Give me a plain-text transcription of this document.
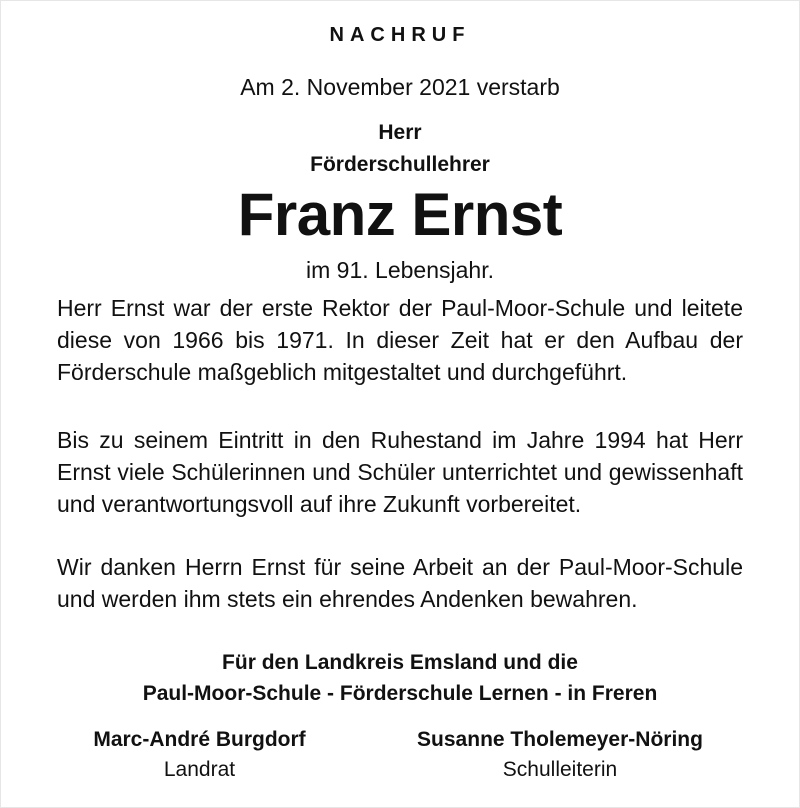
NACHRUF
Am 2. November 2021 verstarb
Herr
Förderschullehrer
Franz Ernst
im 91. Lebensjahr.
Herr Ernst war der erste Rektor der Paul-Moor-Schule und leitete diese von 1966 bis 1971. In dieser Zeit hat er den Aufbau der Förderschule maßgeblich mitgestaltet und durchgeführt.
Bis zu seinem Eintritt in den Ruhestand im Jahre 1994 hat Herr Ernst viele Schülerinnen und Schüler unterrichtet und gewissenhaft und verantwortungsvoll auf ihre Zukunft vorbereitet.
Wir danken Herrn Ernst für seine Arbeit an der Paul-Moor-Schule und werden ihm stets ein ehrendes Andenken bewahren.
Für den Landkreis Emsland und die
Paul-Moor-Schule - Förderschule Lernen - in Freren
Marc-André Burgdorf
Landrat
Susanne Tholemeyer-Nöring
Schulleiterin
